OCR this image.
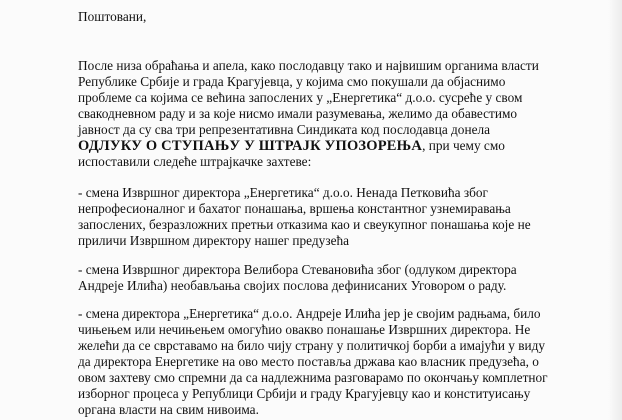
Поштовани,
После низа обраћања и апела, како послодавцу тако и највишим органима власти
Републике Србије и града Крагујевца, у којима смо покушали да објаснимо
проблеме са којима се већина запослених у „Енергетика“ д.о.о. сусреће у свом
свакодневном раду и за које нисмо имали разумевања, желимо да обавестимо
јавност да су сва три репрезентативна Синдиката код послодавца донела
ОДЛУКУ О СТУПАЊУ У ШТРАЈК УПОЗОРЕЊА, при чему смо
испоставили следеће штрајкачке захтеве:
- смена Извршног директора „Енергетика“ д.о.о. Ненада Петковића због
непрофесионалног и бахатог понашања, вршења константног узнемиравања
запослених, безразложних претњи отказима као и свеукупног понашања које не
приличи Извршном директору нашег предузећа
- смена Извршног директора Велибора Стевановића због (одлуком директора
Андреје Илића) необављања својих послова дефинисаних Уговором о раду.
- смена директора „Енергетика“ д.о.о. Андреје Илића јер је својим радњама, било
чињењем или нечињењем омогућио овакво понашање Извршних директора. Не
желећи да се сврставамо на било чију страну у политичкој борби а имајући у виду
да директора Енергетике на ово место поставља држава као власник предузећа, о
овом захтеву смо спремни да са надлежнима разговарамо по окончању комплетног
изборног процеса у Републици Србији и граду Крагујевцу као и конституисању
органа власти на свим нивоима.
